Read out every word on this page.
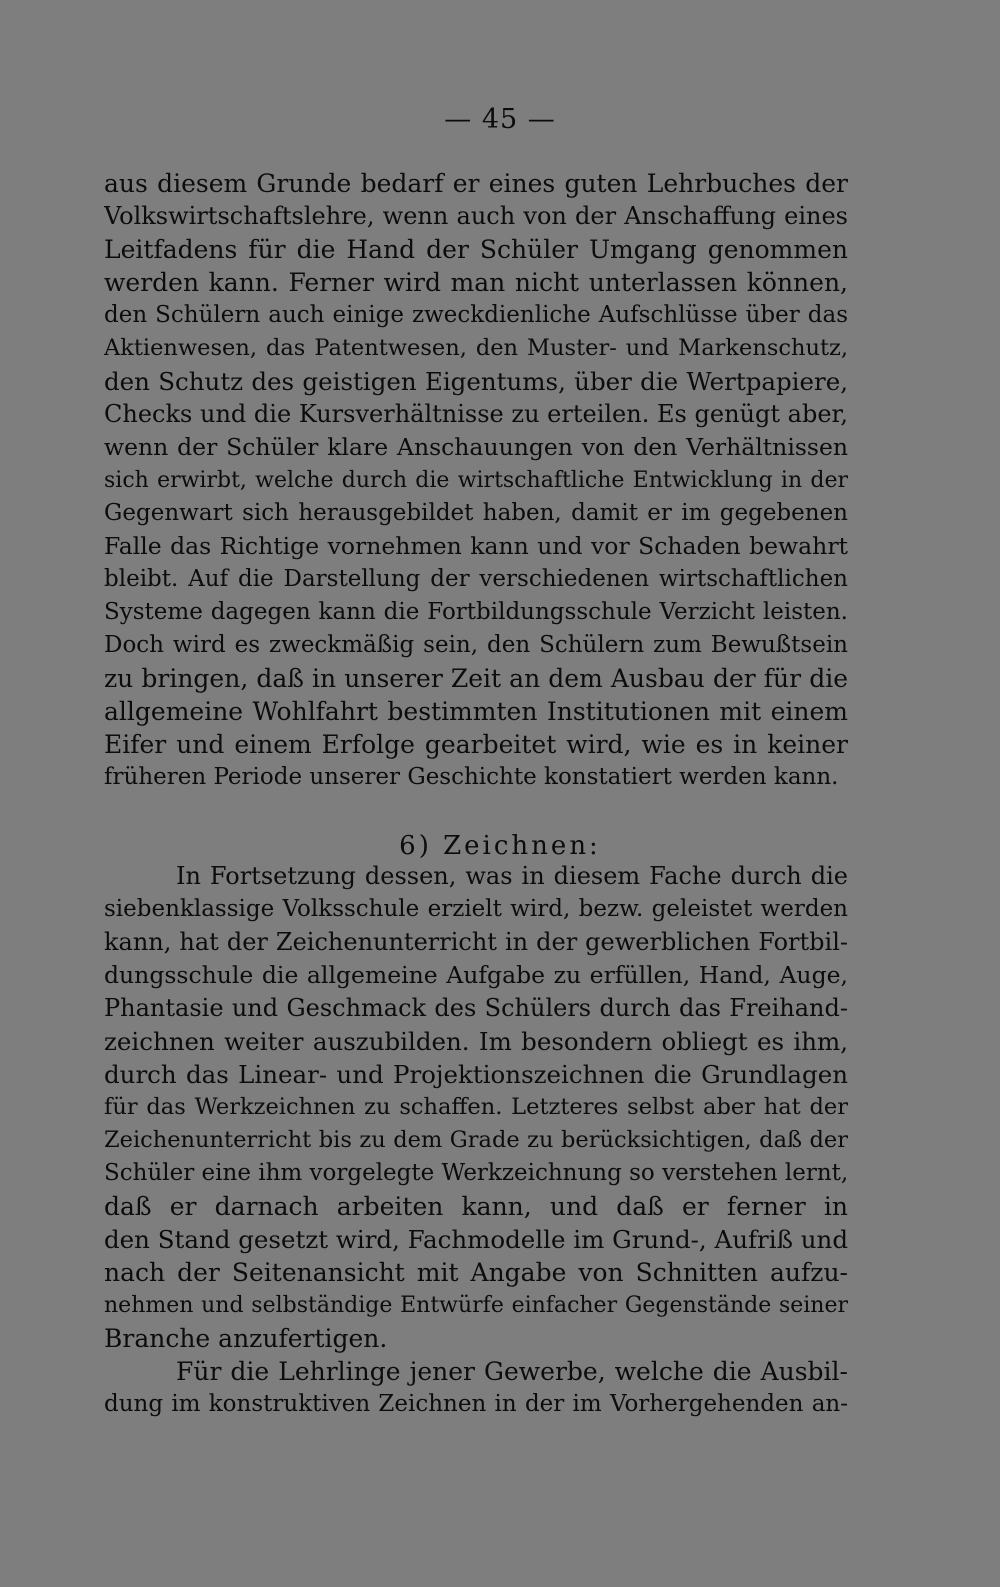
— 45 —
aus diesem Grunde bedarf er eines guten Lehrbuches der
Volkswirtschaftslehre, wenn auch von der Anschaffung eines
Leitfadens für die Hand der Schüler Umgang genommen
werden kann. Ferner wird man nicht unterlassen können,
den Schülern auch einige zweckdienliche Aufschlüsse über das
Aktienwesen, das Patentwesen, den Muster- und Markenschutz,
den Schutz des geistigen Eigentums, über die Wertpapiere,
Checks und die Kursverhältnisse zu erteilen. Es genügt aber,
wenn der Schüler klare Anschauungen von den Verhältnissen
sich erwirbt, welche durch die wirtschaftliche Entwicklung in der
Gegenwart sich herausgebildet haben, damit er im gegebenen
Falle das Richtige vornehmen kann und vor Schaden bewahrt
bleibt. Auf die Darstellung der verschiedenen wirtschaftlichen
Systeme dagegen kann die Fortbildungsschule Verzicht leisten.
Doch wird es zweckmäßig sein, den Schülern zum Bewußtsein
zu bringen, daß in unserer Zeit an dem Ausbau der für die
allgemeine Wohlfahrt bestimmten Institutionen mit einem
Eifer und einem Erfolge gearbeitet wird, wie es in keiner
früheren Periode unserer Geschichte konstatiert werden kann.
6) Zeichnen:
In Fortsetzung dessen, was in diesem Fache durch die
siebenklassige Volksschule erzielt wird, bezw. geleistet werden
kann, hat der Zeichenunterricht in der gewerblichen Fortbil-
dungsschule die allgemeine Aufgabe zu erfüllen, Hand, Auge,
Phantasie und Geschmack des Schülers durch das Freihand-
zeichnen weiter auszubilden. Im besondern obliegt es ihm,
durch das Linear- und Projektionszeichnen die Grundlagen
für das Werkzeichnen zu schaffen. Letzteres selbst aber hat der
Zeichenunterricht bis zu dem Grade zu berücksichtigen, daß der
Schüler eine ihm vorgelegte Werkzeichnung so verstehen lernt,
daß er darnach arbeiten kann, und daß er ferner in
den Stand gesetzt wird, Fachmodelle im Grund-, Aufriß und
nach der Seitenansicht mit Angabe von Schnitten aufzu-
nehmen und selbständige Entwürfe einfacher Gegenstände seiner
Branche anzufertigen.
Für die Lehrlinge jener Gewerbe, welche die Ausbil-
dung im konstruktiven Zeichnen in der im Vorhergehenden an-
